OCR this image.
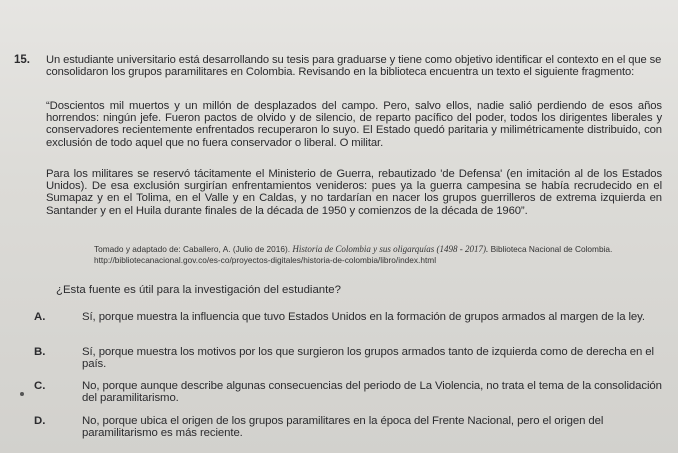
15. Un estudiante universitario está desarrollando su tesis para graduarse y tiene como objetivo identificar el contexto en el que se consolidaron los grupos paramilitares en Colombia. Revisando en la biblioteca encuentra un texto el siguiente fragmento:
“Doscientos mil muertos y un millón de desplazados del campo. Pero, salvo ellos, nadie salió perdiendo de esos años horrendos: ningún jefe. Fueron pactos de olvido y de silencio, de reparto pacífico del poder, todos los dirigentes liberales y conservadores recientemente enfrentados recuperaron lo suyo. El Estado quedó paritaria y milimétricamente distribuido, con exclusión de todo aquel que no fuera conservador o liberal. O militar.
Para los militares se reservó tácitamente el Ministerio de Guerra, rebautizado 'de Defensa' (en imitación al de los Estados Unidos). De esa exclusión surgirían enfrentamientos venideros: pues ya la guerra campesina se había recrudecido en el Sumapaz y en el Tolima, en el Valle y en Caldas, y no tardarían en nacer los grupos guerrilleros de extrema izquierda en Santander y en el Huila durante finales de la década de 1950 y comienzos de la década de 1960”.
Tomado y adaptado de: Caballero, A. (Julio de 2016). Historia de Colombia y sus oligarquías (1498 - 2017). Biblioteca Nacional de Colombia. http://bibliotecanacional.gov.co/es-co/proyectos-digitales/historia-de-colombia/libro/index.html
¿Esta fuente es útil para la investigación del estudiante?
A.	Sí, porque muestra la influencia que tuvo Estados Unidos en la formación de grupos armados al margen de la ley.
B.	Sí, porque muestra los motivos por los que surgieron los grupos armados tanto de izquierda como de derecha en el país.
C.	No, porque aunque describe algunas consecuencias del periodo de La Violencia, no trata el tema de la consolidación del paramilitarismo.
D.	No, porque ubica el origen de los grupos paramilitares en la época del Frente Nacional, pero el origen del paramilitarismo es más reciente.
